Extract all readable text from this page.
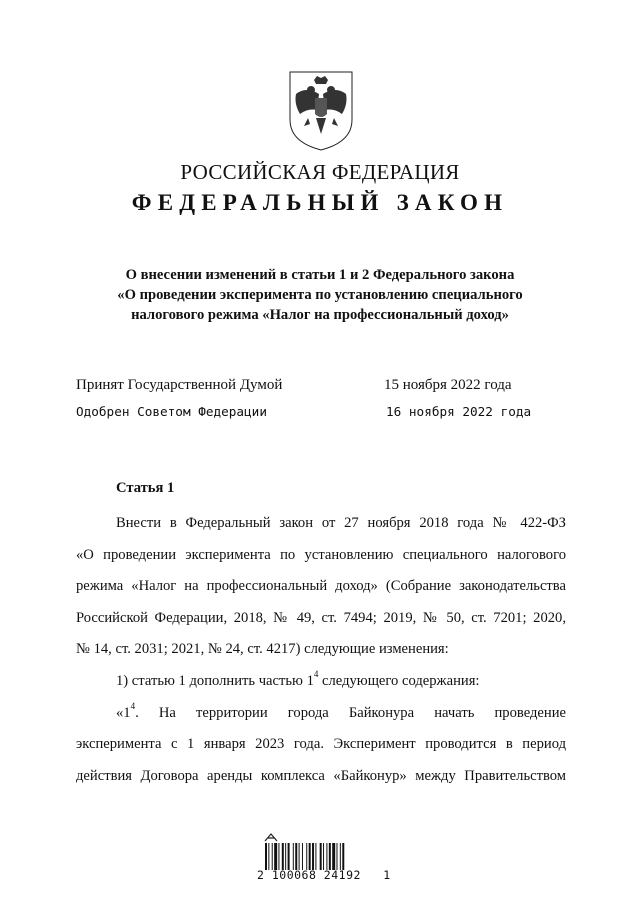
РОССИЙСКАЯ ФЕДЕРАЦИЯ
ФЕДЕРАЛЬНЫЙ ЗАКОН
О внесении изменений в статьи 1 и 2 Федерального закона
«О проведении эксперимента по установлению специального
налогового режима «Налог на профессиональный доход»
Принят Государственной Думой	15 ноября 2022 года
Одобрен Советом Федерации	16 ноября 2022 года
Статья 1
Внести в Федеральный закон от 27 ноября 2018 года № 422-ФЗ
«О проведении эксперимента по установлению специального налогового
режима «Налог на профессиональный доход» (Собрание законодательства
Российской Федерации, 2018, № 49, ст. 7494; 2019, № 50, ст. 7201; 2020,
№ 14, ст. 2031; 2021, № 24, ст. 4217) следующие изменения:
1) статью 1 дополнить частью $1^4$ следующего содержания:
«$1^4$. На территории города Байконура начать проведение
эксперимента с 1 января 2023 года. Эксперимент проводится в период
действия Договора аренды комплекса «Байконур» между Правительством
2 100068 24192   1
